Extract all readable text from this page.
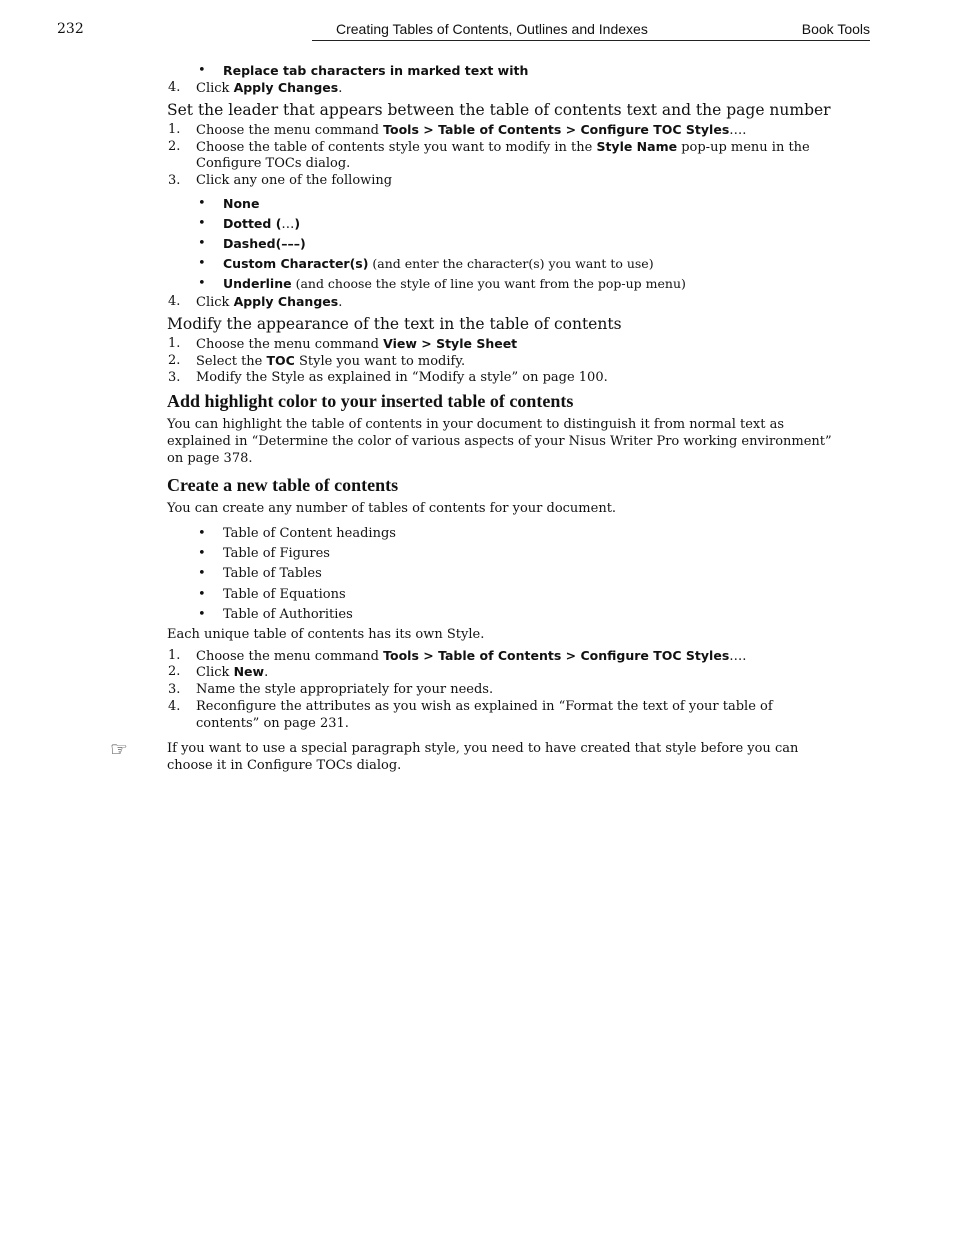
232	Creating Tables of Contents, Outlines and Indexes	Book Tools
• Replace tab characters in marked text with
4. Click Apply Changes.
Set the leader that appears between the table of contents text and the page number
1. Choose the menu command Tools > Table of Contents > Configure TOC Styles….
2. Choose the table of contents style you want to modify in the Style Name pop-up menu in the
Configure TOCs dialog.
3. Click any one of the following
• None
• Dotted (…)
• Dashed(–––)
• Custom Character(s) (and enter the character(s) you want to use)
• Underline (and choose the style of line you want from the pop-up menu)
4. Click Apply Changes.
Modify the appearance of the text in the table of contents
1. Choose the menu command View > Style Sheet
2. Select the TOC Style you want to modify.
3. Modify the Style as explained in “Modify a style” on page 100.
Add highlight color to your inserted table of contents
You can highlight the table of contents in your document to distinguish it from normal text as
explained in “Determine the color of various aspects of your Nisus Writer Pro working environment”
on page 378.
Create a new table of contents
You can create any number of tables of contents for your document.
• Table of Content headings
• Table of Figures
• Table of Tables
• Table of Equations
• Table of Authorities
Each unique table of contents has its own Style.
1. Choose the menu command Tools > Table of Contents > Configure TOC Styles….
2. Click New.
3. Name the style appropriately for your needs.
4. Reconfigure the attributes as you wish as explained in “Format the text of your table of
contents” on page 231.
☞	If you want to use a special paragraph style, you need to have created that style before you can
choose it in Configure TOCs dialog.
